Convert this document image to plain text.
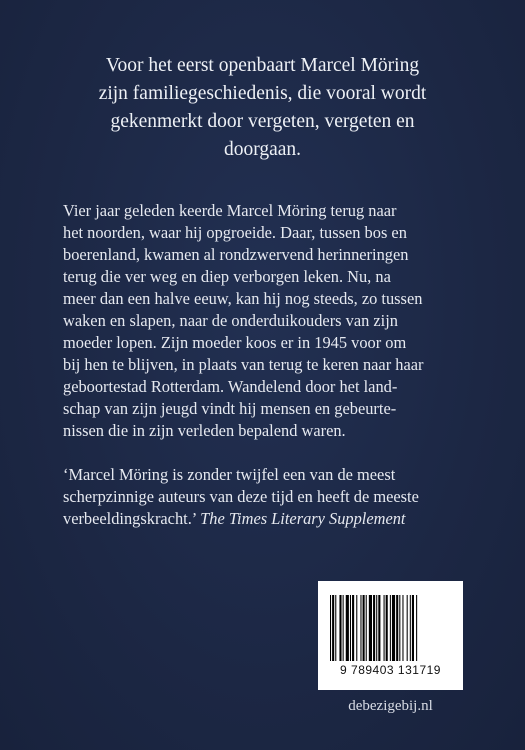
Voor het eerst openbaart Marcel Möring
zijn familiegeschiedenis, die vooral wordt
gekenmerkt door vergeten, vergeten en
doorgaan.
Vier jaar geleden keerde Marcel Möring terug naar
het noorden, waar hij opgroeide. Daar, tussen bos en
boerenland, kwamen al rondzwervend herinneringen
terug die ver weg en diep verborgen leken. Nu, na
meer dan een halve eeuw, kan hij nog steeds, zo tussen
waken en slapen, naar de onderduikouders van zijn
moeder lopen. Zijn moeder koos er in 1945 voor om
bij hen te blijven, in plaats van terug te keren naar haar
geboortestad Rotterdam. Wandelend door het land-
schap van zijn jeugd vindt hij mensen en gebeurte-
nissen die in zijn verleden bepalend waren.
‘Marcel Möring is zonder twijfel een van de meest
scherpzinnige auteurs van deze tijd en heeft de meeste
verbeeldingskracht.’ The Times Literary Supplement
9 789403 131719
debezigebij.nl
